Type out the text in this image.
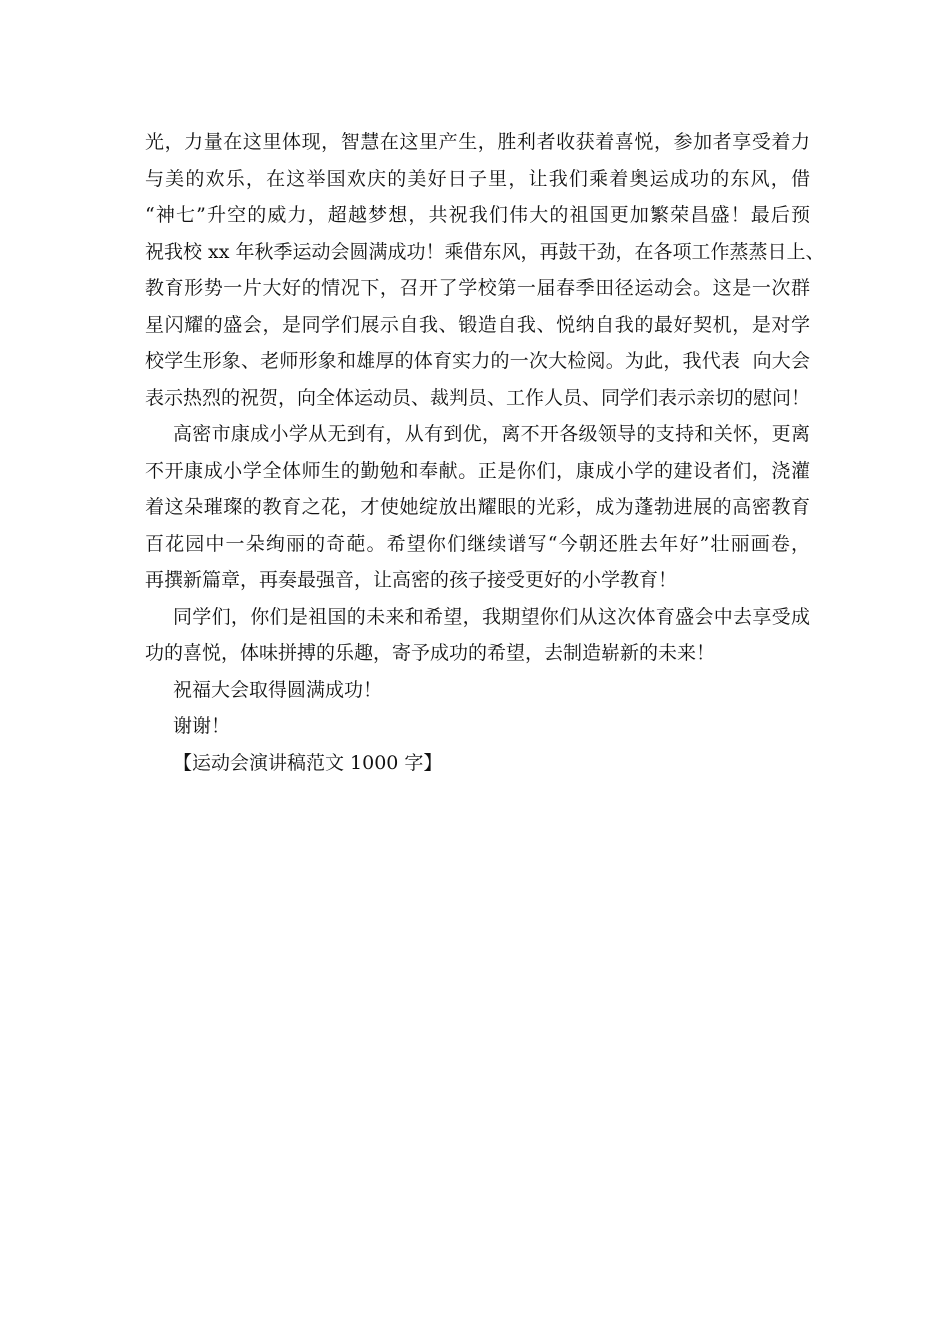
光，力量在这里体现，智慧在这里产生，胜利者收获着喜悦，参加者享受着力
与美的欢乐，在这举国欢庆的美好日子里，让我们乘着奥运成功的东风，借
“神七”升空的威力，超越梦想，共祝我们伟大的祖国更加繁荣昌盛！最后预
祝我校 xx 年秋季运动会圆满成功！乘借东风，再鼓干劲，在各项工作蒸蒸日上、
教育形势一片大好的情况下，召开了学校第一届春季田径运动会。这是一次群
星闪耀的盛会，是同学们展示自我、锻造自我、悦纳自我的最好契机，是对学
校学生形象、老师形象和雄厚的体育实力的一次大检阅。为此，我代表  向大会
表示热烈的祝贺，向全体运动员、裁判员、工作人员、同学们表示亲切的慰问！
高密市康成小学从无到有，从有到优，离不开各级领导的支持和关怀，更离
不开康成小学全体师生的勤勉和奉献。正是你们，康成小学的建设者们，浇灌
着这朵璀璨的教育之花，才使她绽放出耀眼的光彩，成为蓬勃进展的高密教育
百花园中一朵绚丽的奇葩。希望你们继续谱写“今朝还胜去年好”壮丽画卷，
再撰新篇章，再奏最强音，让高密的孩子接受更好的小学教育！
同学们，你们是祖国的未来和希望，我期望你们从这次体育盛会中去享受成
功的喜悦，体味拼搏的乐趣，寄予成功的希望，去制造崭新的未来！
祝福大会取得圆满成功！
谢谢！
【运动会演讲稿范文 1000 字】
